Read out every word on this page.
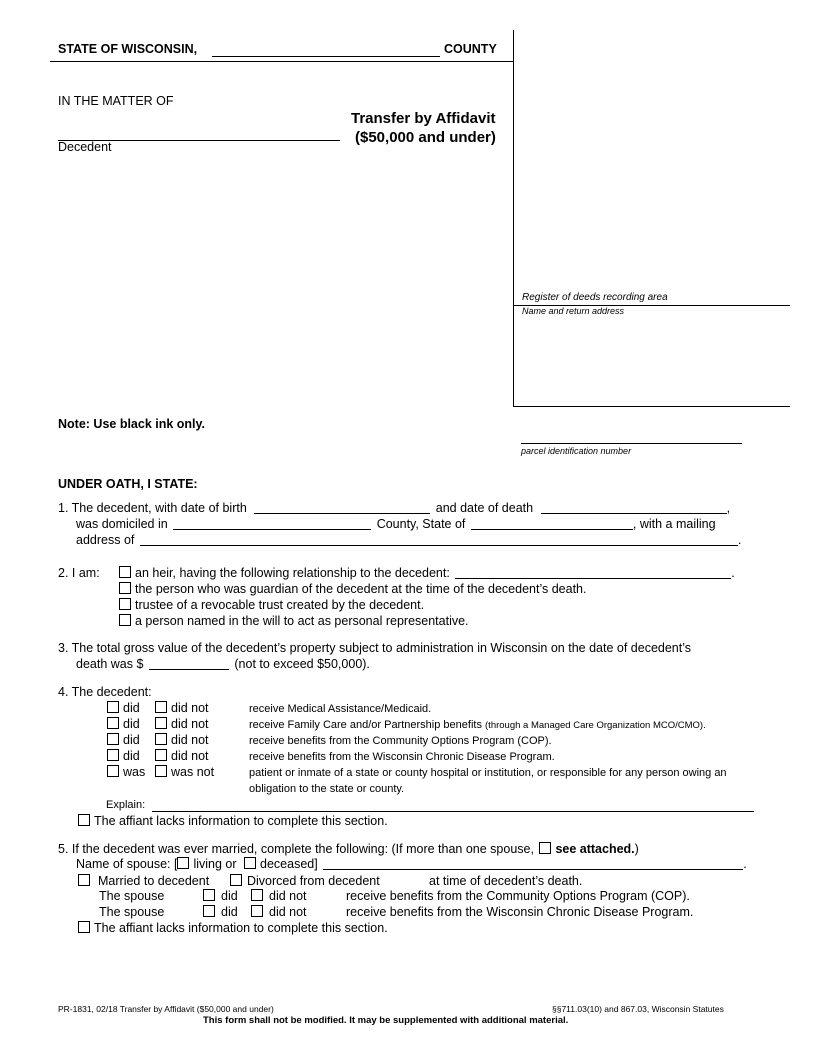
STATE OF WISCONSIN,	COUNTY
IN THE MATTER OF
Decedent
Transfer by Affidavit
($50,000 and under)
Register of deeds recording area
Name and return address
Note: Use black ink only.
parcel identification number
UNDER OATH, I STATE:
1. The decedent, with date of birth	and date of death	,
was domiciled in	County, State of	, with a mailing
address of	.
2. I am:	an heir, having the following relationship to the decedent:	.
the person who was guardian of the decedent at the time of the decedent’s death.
trustee of a revocable trust created by the decedent.
a person named in the will to act as personal representative.
3. The total gross value of the decedent’s property subject to administration in Wisconsin on the date of decedent’s
death was $	(not to exceed $50,000).
4. The decedent:
did	did not	receive Medical Assistance/Medicaid.
did	did not	receive Family Care and/or Partnership benefits (through a Managed Care Organization MCO/CMO).
did	did not	receive benefits from the Community Options Program (COP).
did	did not	receive benefits from the Wisconsin Chronic Disease Program.
was was not	patient or inmate of a state or county hospital or institution, or responsible for any person owing an
obligation to the state or county.
Explain:
The affiant lacks information to complete this section.
5. If the decedent was ever married, complete the following: (If more than one spouse, see attached.)
Name of spouse: [ living or deceased]	.
Married to decedent	Divorced from decedent	at time of decedent’s death.
The spouse	did	did not	receive benefits from the Community Options Program (COP).
The spouse	did	did not	receive benefits from the Wisconsin Chronic Disease Program.
The affiant lacks information to complete this section.
PR-1831, 02/18 Transfer by Affidavit ($50,000 and under)	§§711.03(10) and 867.03, Wisconsin Statutes
This form shall not be modified. It may be supplemented with additional material.
